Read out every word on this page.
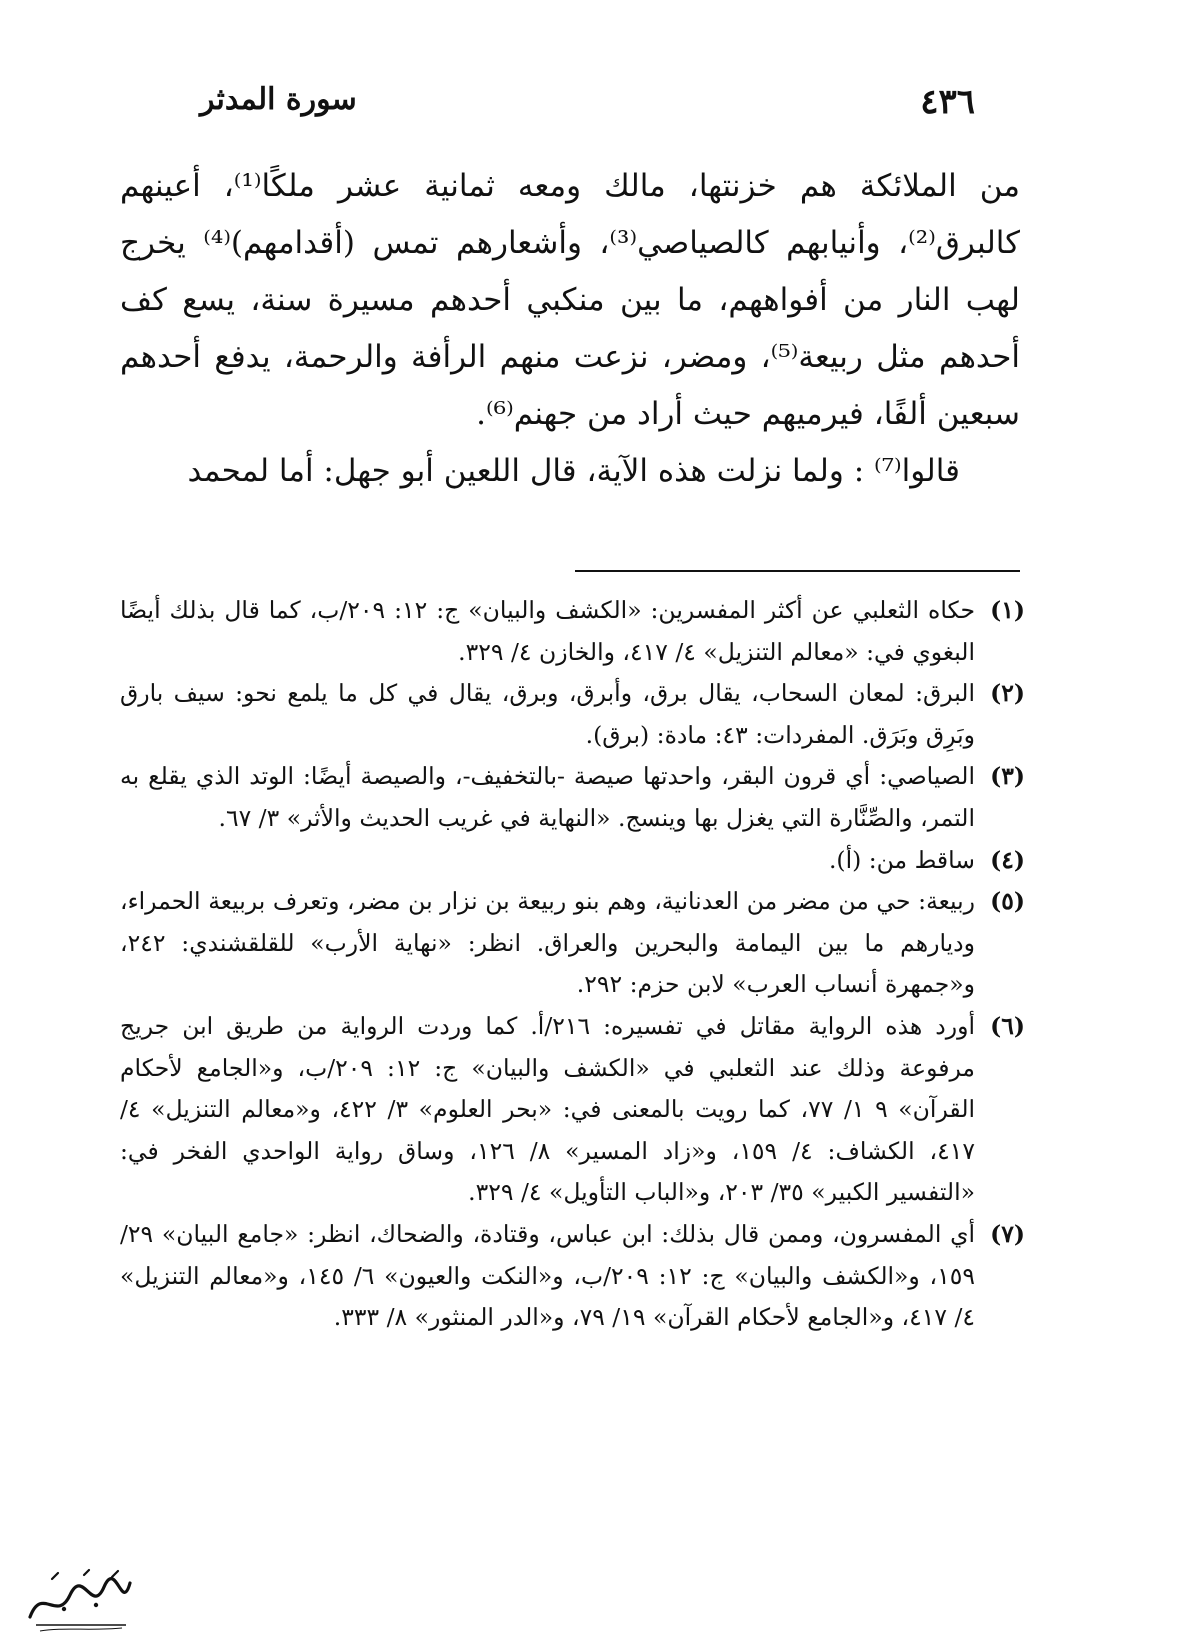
٤٣٦
سورة المدثر

من الملائكة هم خزنتها، مالك ومعه ثمانية عشر ملكًا⁽¹⁾، أعينهم كالبرق⁽²⁾، وأنيابهم كالصياصي⁽³⁾، وأشعارهم تمس (أقدامهم)⁽⁴⁾ يخرج لهب النار من أفواههم، ما بين منكبي أحدهم مسيرة سنة، يسع كف أحدهم مثل ربيعة⁽⁵⁾، ومضر، نزعت منهم الرأفة والرحمة، يدفع أحدهم سبعين ألفًا، فيرميهم حيث أراد من جهنم⁽⁶⁾.

قالوا⁽⁷⁾ : ولما نزلت هذه الآية، قال اللعين أبو جهل: أما لمحمد

(١)
حكاه الثعلبي عن أكثر المفسرين: «الكشف والبيان» ج: ١٢: ٢٠٩/ب، كما قال بذلك أيضًا البغوي في: «معالم التنزيل» ٤/ ٤١٧، والخازن ٤/ ٣٢٩.
(٢)
البرق: لمعان السحاب، يقال برق، وأبرق، وبرق، يقال في كل ما يلمع نحو: سيف بارق وبَرِق وبَرَق. المفردات: ٤٣: مادة: (برق).
(٣)
الصياصي: أي قرون البقر، واحدتها صيصة -بالتخفيف-، والصيصة أيضًا: الوتد الذي يقلع به التمر، والصِّنَّارة التي يغزل بها وينسج. «النهاية في غريب الحديث والأثر» ٣/ ٦٧.
(٤)
ساقط من: (أ).
(٥)
ربيعة: حي من مضر من العدنانية، وهم بنو ربيعة بن نزار بن مضر، وتعرف بربيعة الحمراء، وديارهم ما بين اليمامة والبحرين والعراق. انظر: «نهاية الأرب» للقلقشندي: ٢٤٢، و«جمهرة أنساب العرب» لابن حزم: ٢٩٢.
(٦)
أورد هذه الرواية مقاتل في تفسيره: ٢١٦/أ. كما وردت الرواية من طريق ابن جريج مرفوعة وذلك عند الثعلبي في «الكشف والبيان» ج: ١٢: ٢٠٩/ب، و«الجامع لأحكام القرآن» ٩ ١/ ٧٧، كما رويت بالمعنى في: «بحر العلوم» ٣/ ٤٢٢، و«معالم التنزيل» ٤/ ٤١٧، الكشاف: ٤/ ١٥٩، و«زاد المسير» ٨/ ١٢٦، وساق رواية الواحدي الفخر في: «التفسير الكبير» ٣٥/ ٢٠٣، و«الباب التأويل» ٤/ ٣٢٩.
(٧)
أي المفسرون، وممن قال بذلك: ابن عباس، وقتادة، والضحاك، انظر: «جامع البيان» ٢٩/ ١٥٩، و«الكشف والبيان» ج: ١٢: ٢٠٩/ب، و«النكت والعيون» ٦/ ١٤٥، و«معالم التنزيل» ٤/ ٤١٧، و«الجامع لأحكام القرآن» ١٩/ ٧٩، و«الدر المنثور» ٨/ ٣٣٣.
